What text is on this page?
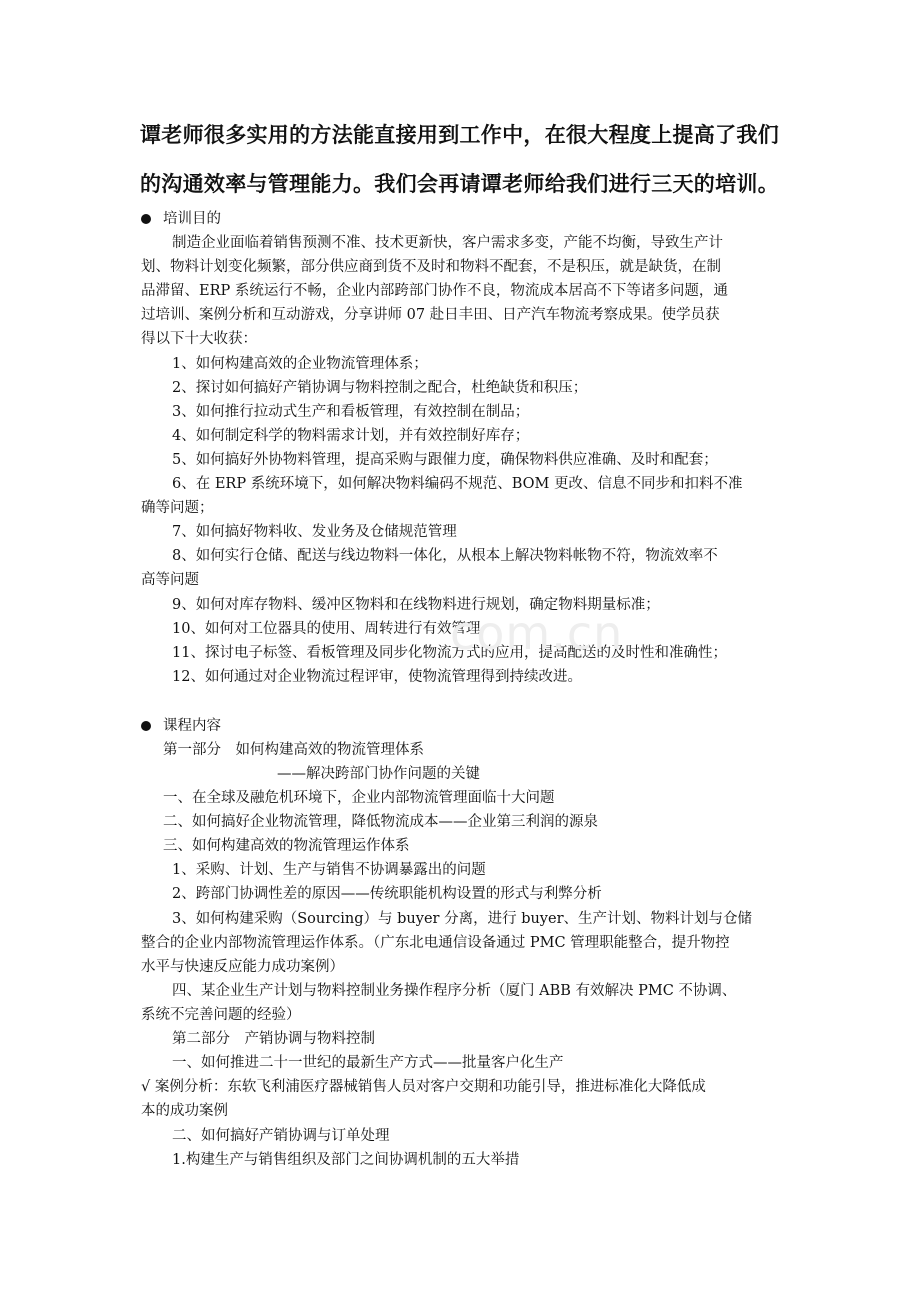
谭老师很多实用的方法能直接用到工作中，在很大程度上提高了我们
的沟通效率与管理能力。我们会再请谭老师给我们进行三天的培训。
培训目的
制造企业面临着销售预测不准、技术更新快，客户需求多变，产能不均衡，导致生产计
划、物料计划变化频繁，部分供应商到货不及时和物料不配套，不是积压，就是缺货，在制
品滞留、ERP 系统运行不畅，企业内部跨部门协作不良，物流成本居高不下等诸多问题，通
过培训、案例分析和互动游戏，分享讲师 07 赴日丰田、日产汽车物流考察成果。使学员获
得以下十大收获：
1、如何构建高效的企业物流管理体系；
2、探讨如何搞好产销协调与物料控制之配合，杜绝缺货和积压；
3、如何推行拉动式生产和看板管理，有效控制在制品；
4、如何制定科学的物料需求计划，并有效控制好库存；
5、如何搞好外协物料管理，提高采购与跟催力度，确保物料供应准确、及时和配套；
6、在 ERP 系统环境下，如何解决物料编码不规范、BOM 更改、信息不同步和扣料不准
确等问题；
7、如何搞好物料收、发业务及仓储规范管理
8、如何实行仓储、配送与线边物料一体化，从根本上解决物料帐物不符，物流效率不
高等问题
9、如何对库存物料、缓冲区物料和在线物料进行规划，确定物料期量标准；
10、如何对工位器具的使用、周转进行有效管理
11、探讨电子标签、看板管理及同步化物流方式的应用，提高配送的及时性和准确性；
12、如何通过对企业物流过程评审，使物流管理得到持续改进。
com.cn
课程内容
第一部分　如何构建高效的物流管理体系
——解决跨部门协作问题的关键
一、在全球及融危机环境下，企业内部物流管理面临十大问题
二、如何搞好企业物流管理，降低物流成本——企业第三利润的源泉
三、如何构建高效的物流管理运作体系
1、采购、计划、生产与销售不协调暴露出的问题
2、跨部门协调性差的原因——传统职能机构设置的形式与利弊分析
3、如何构建采购（Sourcing）与 buyer 分离，进行 buyer、生产计划、物料计划与仓储
整合的企业内部物流管理运作体系。（广东北电通信设备通过 PMC 管理职能整合，提升物控
水平与快速反应能力成功案例）
四、某企业生产计划与物料控制业务操作程序分析（厦门 ABB 有效解决 PMC 不协调、
系统不完善问题的经验）
第二部分　产销协调与物料控制
一、如何推进二十一世纪的最新生产方式——批量客户化生产
√ 案例分析：东软飞利浦医疗器械销售人员对客户交期和功能引导，推进标准化大降低成
本的成功案例
二、如何搞好产销协调与订单处理
1.构建生产与销售组织及部门之间协调机制的五大举措
